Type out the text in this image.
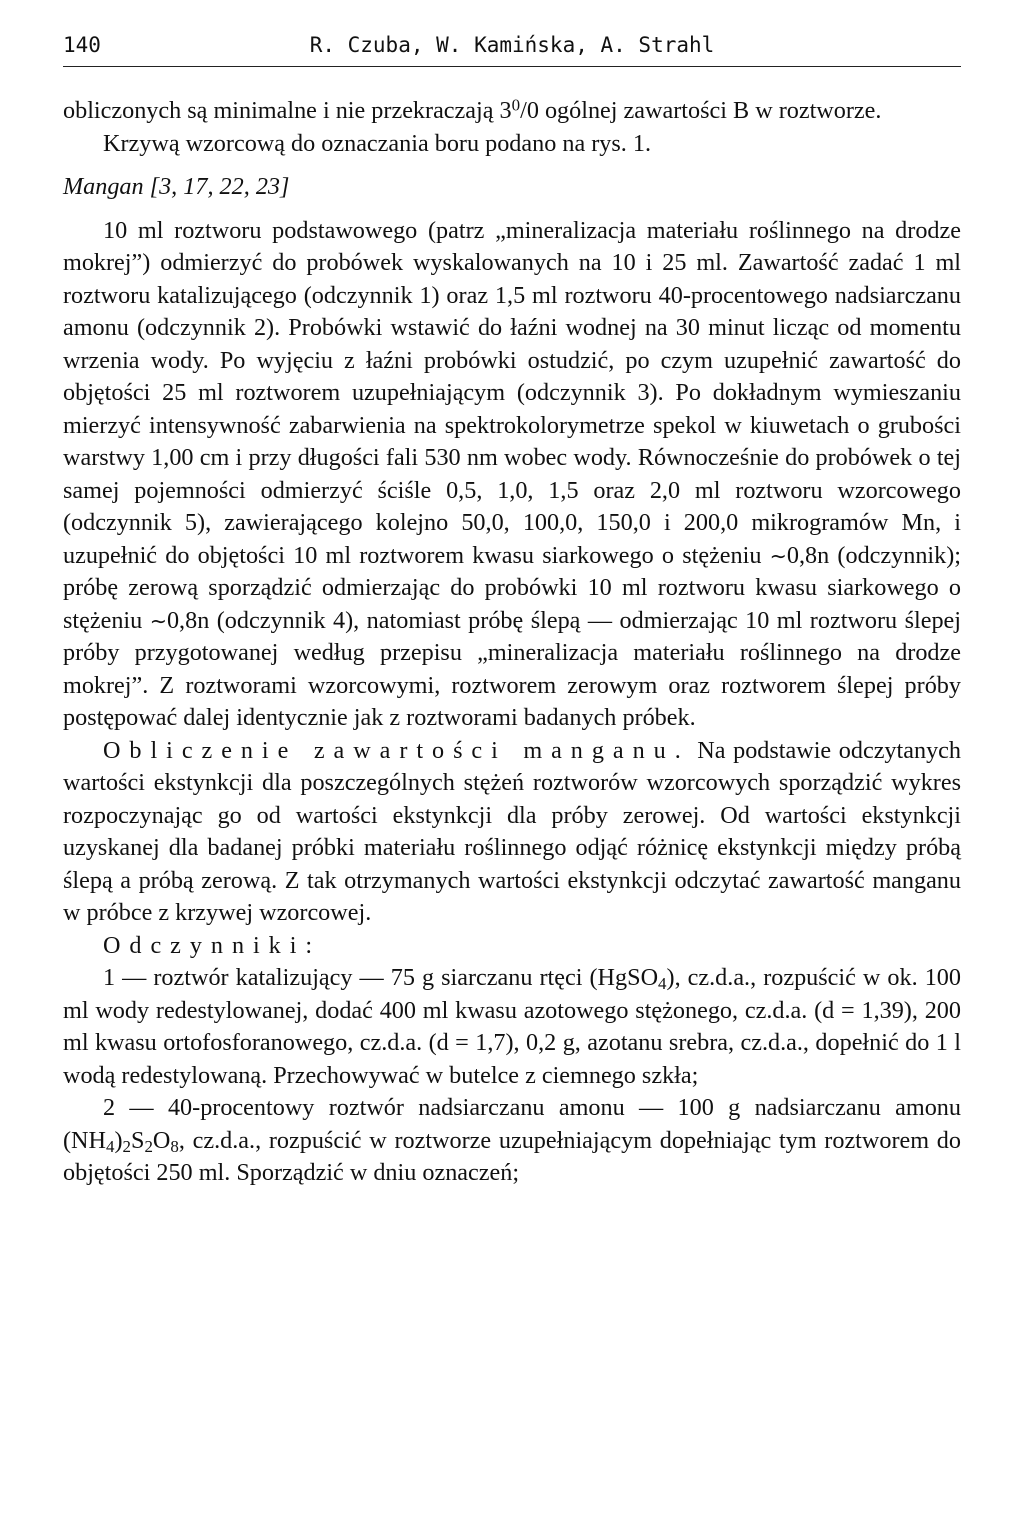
140	R. Czuba, W. Kamińska, A. Strahl

obliczonych są minimalne i nie przekraczają $3^0/0$ ogólnej zawartości B w roztworze.

Krzywą wzorcową do oznaczania boru podano na rys. 1.

Mangan [3, 17, 22, 23]

10 ml roztworu podstawowego (patrz „mineralizacja materiału roślinnego na drodze mokrej”) odmierzyć do probówek wyskalowanych na 10 i 25 ml. Zawartość zadać 1 ml roztworu katalizującego (odczynnik 1) oraz 1,5 ml roztworu 40-procentowego nadsiarczanu amonu (odczynnik 2). Probówki wstawić do łaźni wodnej na 30 minut licząc od momentu wrzenia wody. Po wyjęciu z łaźni probówki ostudzić, po czym uzupełnić zawartość do objętości 25 ml roztworem uzupełniającym (odczynnik 3). Po dokładnym wymieszaniu mierzyć intensywność zabarwienia na spektrokolorymetrze spekol w kiuwetach o grubości warstwy 1,00 cm i przy długości fali 530 nm wobec wody. Równocześnie do probówek o tej samej pojemności odmierzyć ściśle 0,5, 1,0, 1,5 oraz 2,0 ml roztworu wzorcowego (odczynnik 5), zawierającego kolejno 50,0, 100,0, 150,0 i 200,0 mikrogramów Mn, i uzupełnić do objętości 10 ml roztworem kwasu siarkowego o stężeniu ∼0,8n (odczynnik); próbę zerową sporządzić odmierzając do probówki 10 ml roztworu kwasu siarkowego o stężeniu ∼0,8n (odczynnik 4), natomiast próbę ślepą — odmierzając 10 ml roztworu ślepej próby przygotowanej według przepisu „mineralizacja materiału roślinnego na drodze mokrej”. Z roztworami wzorcowymi, roztworem zerowym oraz roztworem ślepej próby postępować dalej identycznie jak z roztworami badanych próbek.

Obliczenie zawartości manganu. Na podstawie odczytanych wartości ekstynkcji dla poszczególnych stężeń roztworów wzorcowych sporządzić wykres rozpoczynając go od wartości ekstynkcji dla próby zerowej. Od wartości ekstynkcji uzyskanej dla badanej próbki materiału roślinnego odjąć różnicę ekstynkcji między próbą ślepą a próbą zerową. Z tak otrzymanych wartości ekstynkcji odczytać zawartość manganu w próbce z krzywej wzorcowej.

Odczynniki:

1 — roztwór katalizujący — 75 g siarczanu rtęci (HgSO$_4$), cz.d.a., rozpuścić w ok. 100 ml wody redestylowanej, dodać 400 ml kwasu azotowego stężonego, cz.d.a. (d = 1,39), 200 ml kwasu ortofosforanowego, cz.d.a. (d = 1,7), 0,2 g, azotanu srebra, cz.d.a., dopełnić do 1 l wodą redestylowaną. Przechowywać w butelce z ciemnego szkła;

2 — 40-procentowy roztwór nadsiarczanu amonu — 100 g nadsiarczanu amonu $(NH_4)_2S_2O_8$, cz.d.a., rozpuścić w roztworze uzupełniającym dopełniając tym roztworem do objętości 250 ml. Sporządzić w dniu oznaczeń;
